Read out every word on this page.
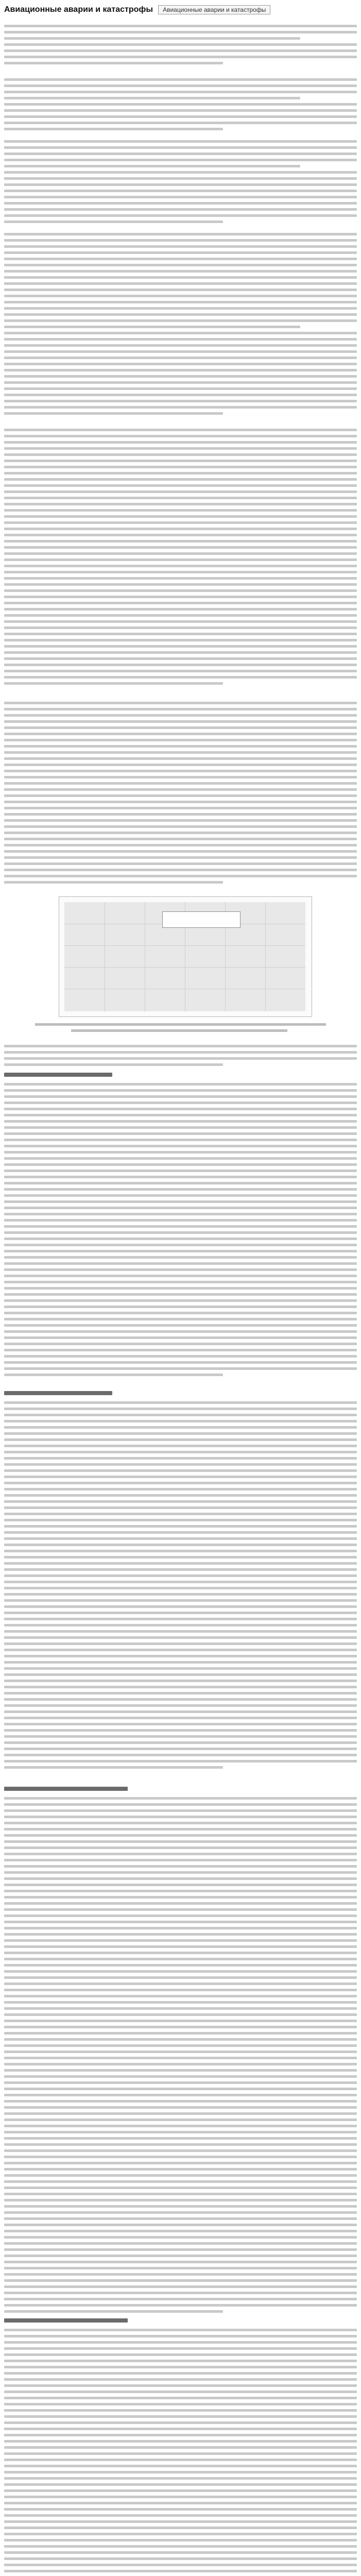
Авиационные аварии и катастрофы	Авиационные аварии и катастрофы
